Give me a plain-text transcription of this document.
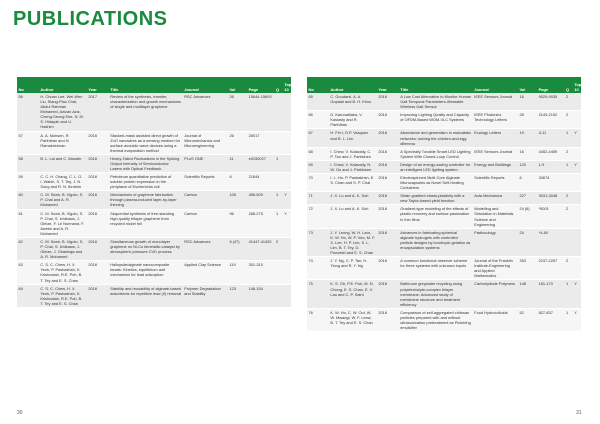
PUBLICATIONS
No	Author	Year	Title	Journal	Vol	Page	Q	Top 10
56	H. Chuan Lee, Wei-Wen Liu, Siang-Piao Chai, Abdul Rahman Mohamed, Azizan Aziz, Cheng-Seong Khe, N. M. S. Hidayah and U. Hashim	2017	Review of the synthesis, transfer, characterization and growth mechanisms of single and multilayer graphene	RSC Advances	26	15644-15693		
57	A. A. Mohsen, R. Parthiban and N. Ramakrishnan	2016	Stacked-mask assisted direct growth of ZnO nanowires as a sensing medium for surface acoustic wave devices using a thermal evaporation method	Journal of Micromechanics and Microengineering	26	25017		
58	B. L. Lai and C. Mauder	2016	Heavy-Tailed Fluctuations in the Spiking Output Intensity of Semiconductor Lasers with Optical Feedback	PLoS ONE	11	e0150027	1	
59	C. C. H. Chang, C. L. G. I. Walsh, S. T. Tey, J. N. Song and R. N. Ibrahim	2016	Petroleum quantitative prediction of soluble protein expression in the periplasm of Escherichia coli	Scientific Reports	6	21844		
60	C. M. Seah, B. Vigolo, S. P. Chai and A. R. Mohamed	2016	Mechanisms of graphene fabrication through plasma-induced layer-by-layer thinning	Carbon	105	496-509	1	Y
61	C. M. Seah, B. Vigolo, S. P. Chai, S. Ichikawa, J. Gleize, F. Le Normand, F. Aweke and A. R. Mohamed	2016	Sequential synthesis of free-standing high quality bilayer graphene from recycled nickel foil	Carbon	96	268-275	1	Y
62	C. M. Seah, B. Vigolo, S. P. Chai, S. Ichikawa, J. Gleize, J. Ghanbaja and A. R. Mohamed	2016	Simultaneous growth of monolayer graphene on Ni-Cu bimetallic catalyst by atmospheric pressure CVD process	RSC Advances	6 (47)	41447-41452	2	
63	C. S. C. Chew, H. X. Yeoh, P. Pasbakhsh, K. Krishnaiah, R.E. Poh, B. T. Tey and E. S. Chan	2016	Halloysite/alginate nanocomposite beads: Kinetics, equilibrium and mechanism for lead adsorption	Applied Clay Science	119	301-310		
64	C. S. C. Chew, H. X. Yeoh, P. Pasbakhsh, K. Krishnaiah, R.E. Poh, B. T. Tey and E. S. Chan	2016	Stability and reusability of alginate-based adsorbents for repetitive lead (II) removal	Polymer Degradation and Stability	123	146-154		
No	Author	Year	Title	Journal	Vol	Page	Q	Top 10
65	C. Goudarzi, A. A. Gopalai and B. H. Khoo	2016	A Low Cost Alternative to Monitor Human Gait Temporal Parameters-Wearable Wireless Gait Sensor	IEEE Sensors Journal	16	9029-9035	2	
66	D. Karunatilaka, V. Kasiasty and R. Parthiban	2016	Improving Lighting Quality and Capacity of OFDM-Based WDM-VLC Systems	IEEE Photonics Technology Letters	28	2149-2152	2	
67	H. Fin·l, D.P. Vasquez and B. L. Lim	2016	Abundance and generalism in mutualistic networks: solving the chicken-and-egg dilemma	Ecology Letters	19	4-11	1	Y
68	I. Chew, V. Kalavally, C. P. Tan and J. Parkkinen	2016	A Spectrally Tunable Smart LED Lighting System With Closed-Loop Control	IEEE Sensors Journal	16	4452-4459	2	
69	I. Chew, V. Kalavally, N. W. Oo and J. Parkkinen	2016	Design of an energy-saving controller for an intelligent LED lighting system	Energy and Buildings	120	1-9	1	Y
70	I. L. Ho, P. Pasbakhsh, E. S. Chan and S. P. Chai	2016	Electrospinned Multi-Core Alginate Microcapsules as Novel Self-Healing Containers	Scientific Reports	6	34674		
71	J. X. Lu and A. K. Soh	2016	Strain gradient elasto-plasticity with a new Taylor-based yield function	Acta Mechanica	227	3031-3048	2	
72	J. X. Lu and A. K. Soh	2016	Gradient-type modeling of the effects of plastic recovery and surface passivation in thin films	Modelling and Simulation in Materials Science and Engineering	24 (6)	*5001	2	
73	J. Y. Leong, W. H. Lam, K. W. Ho, W. P. Voo, M. F. X. Lee, H. P. Lim, S. L. Lim, B. T. Tey, D. Poncelet and E. S. Chan	2016	Advances in fabricating spherical alginate hydrogels with controlled particle designs by ionotropic gelation as encapsulation systems	Particuology	24	*4-60		
74	J. Y. Ng, C. P. Tan, H. Tiong and R. Y. Ng	2016	A common functional observer scheme for three systems with unknown inputs	Journal of the Franklin Institute-Engineering and Applied Mathematics	353	2237-2257	2	
75	K. S. Oh, P.E. Poh, M. N. Chong, E. S. Chan, E. V. Lau and C. P. Saint	2016	Bathroom greywater recycling using polyelectrolyte-complex bilayer membrane: Advanced study of membrane structure and treatment efficiency	Carbohydrate Polymers	148	161-170	1	Y
76	K. W. Ho, C. W. Ooi, W. W. Mwangi, W. F. Leow, B. T. Tey and E. S. Chan	2016	Comparison of self-aggregated chitosan particles prepared with and without ultrasonication pretreatment as Pickering emulsifier	Food Hydrocolloids	52	827-837	1	Y
30	31
